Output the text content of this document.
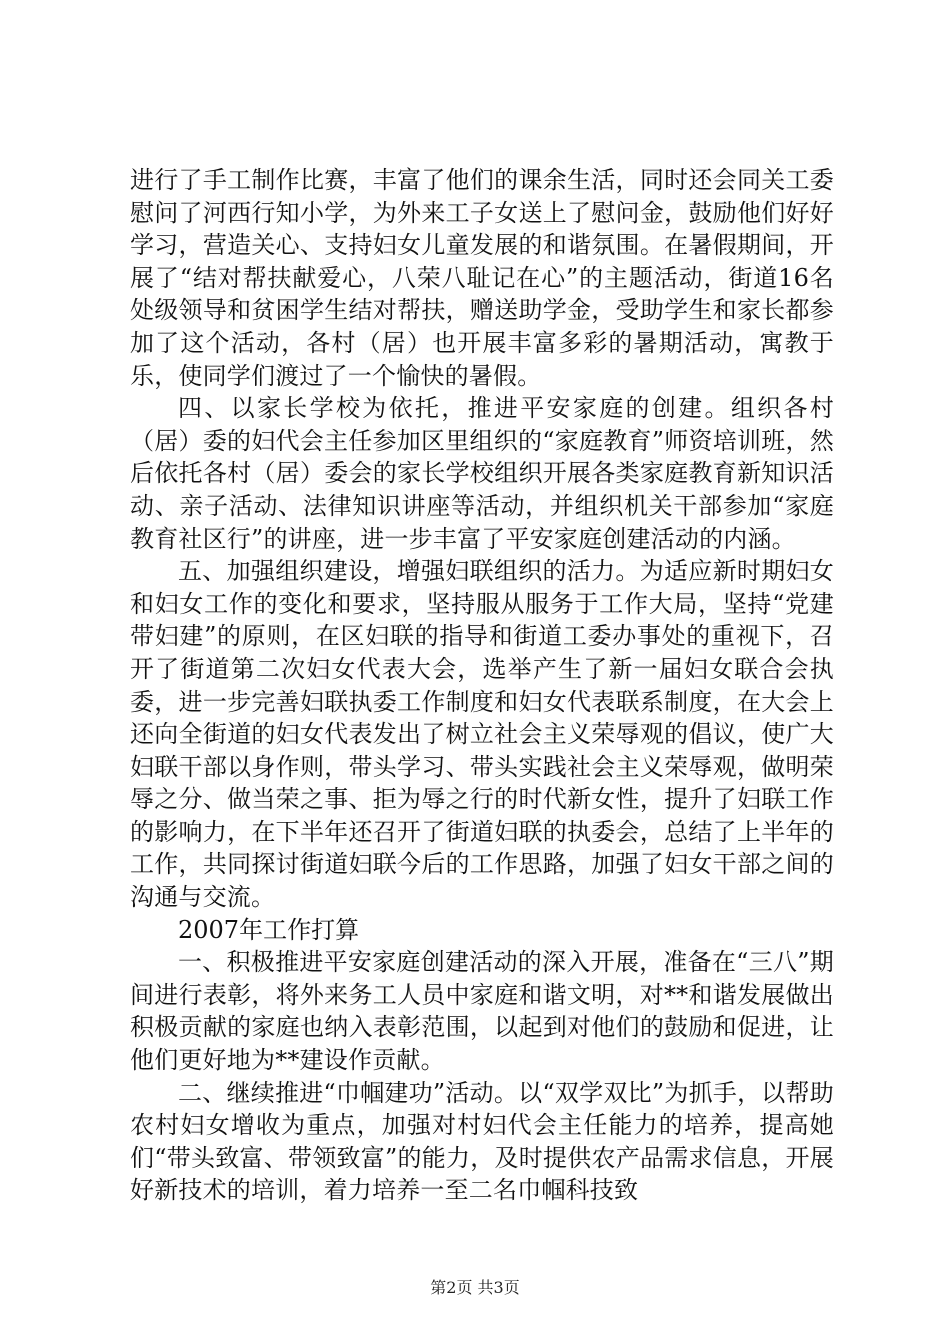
进行了手工制作比赛，丰富了他们的课余生活，同时还会同关工委慰问了河西行知小学，为外来工子女送上了慰问金，鼓励他们好好学习，营造关心、支持妇女儿童发展的和谐氛围。在暑假期间，开展了“结对帮扶献爱心，八荣八耻记在心”的主题活动，街道16名处级领导和贫困学生结对帮扶，赠送助学金，受助学生和家长都参加了这个活动，各村（居）也开展丰富多彩的暑期活动，寓教于乐，使同学们渡过了一个愉快的暑假。

四、以家长学校为依托，推进平安家庭的创建。组织各村（居）委的妇代会主任参加区里组织的“家庭教育”师资培训班，然后依托各村（居）委会的家长学校组织开展各类家庭教育新知识活动、亲子活动、法律知识讲座等活动，并组织机关干部参加“家庭教育社区行”的讲座，进一步丰富了平安家庭创建活动的内涵。

五、加强组织建设，增强妇联组织的活力。为适应新时期妇女和妇女工作的变化和要求，坚持服从服务于工作大局，坚持“党建带妇建”的原则，在区妇联的指导和街道工委办事处的重视下，召开了街道第二次妇女代表大会，选举产生了新一届妇女联合会执委，进一步完善妇联执委工作制度和妇女代表联系制度，在大会上还向全街道的妇女代表发出了树立社会主义荣辱观的倡议，使广大妇联干部以身作则，带头学习、带头实践社会主义荣辱观，做明荣辱之分、做当荣之事、拒为辱之行的时代新女性，提升了妇联工作的影响力，在下半年还召开了街道妇联的执委会，总结了上半年的工作，共同探讨街道妇联今后的工作思路，加强了妇女干部之间的沟通与交流。

2007年工作打算

一、积极推进平安家庭创建活动的深入开展，准备在“三八”期间进行表彰，将外来务工人员中家庭和谐文明，对**和谐发展做出积极贡献的家庭也纳入表彰范围，以起到对他们的鼓励和促进，让他们更好地为**建设作贡献。

二、继续推进“巾帼建功”活动。以“双学双比”为抓手，以帮助农村妇女增收为重点，加强对村妇代会主任能力的培养，提高她们“带头致富、带领致富”的能力，及时提供农产品需求信息，开展好新技术的培训，着力培养一至二名巾帼科技致

第2页 共3页
